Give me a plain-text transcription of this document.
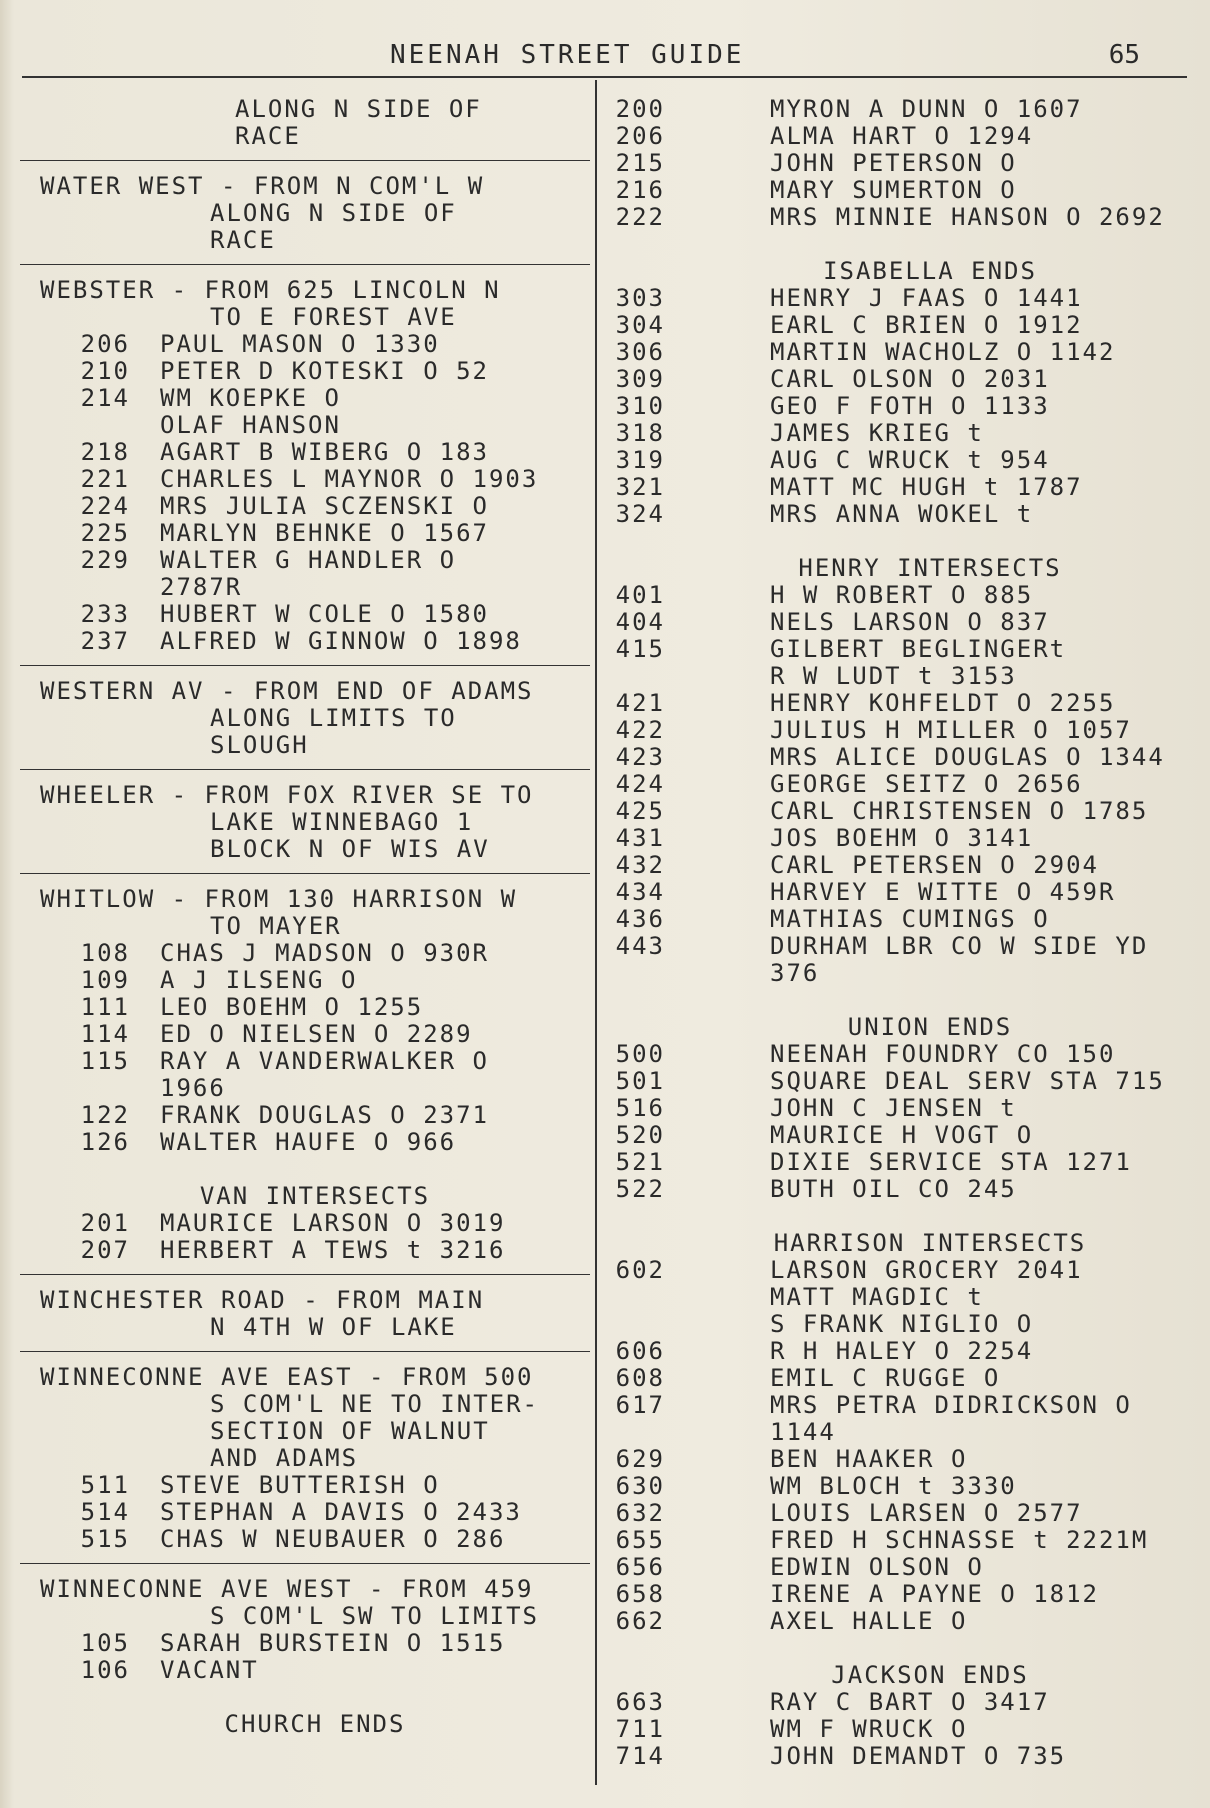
NEENAH STREET GUIDE	65
ALONG N SIDE OF
RACE
WATER WEST
- FROM N COM'L W
ALONG N SIDE OF
RACE
WEBSTER
- FROM 625 LINCOLN N
TO E FOREST AVE
206	PAUL MASON O 1330
210	PETER D KOTESKI O 52
214	WM KOEPKE O
OLAF HANSON
218	AGART B WIBERG O 183
221	CHARLES L MAYNOR O 1903
224	MRS JULIA SCZENSKI O
225	MARLYN BEHNKE O 1567
229	WALTER G HANDLER O
2787R
233	HUBERT W COLE O 1580
237	ALFRED W GINNOW O 1898
WESTERN AV
- FROM END OF ADAMS
ALONG LIMITS TO
SLOUGH
WHEELER
- FROM FOX RIVER SE TO
LAKE WINNEBAGO 1
BLOCK N OF WIS AV
WHITLOW
- FROM 130 HARRISON W
TO MAYER
108	CHAS J MADSON O 930R
109	A J ILSENG O
111	LEO BOEHM O 1255
114	ED O NIELSEN O 2289
115	RAY A VANDERWALKER O
1966
122	FRANK DOUGLAS O 2371
126	WALTER HAUFE O 966
VAN INTERSECTS
201	MAURICE LARSON O 3019
207	HERBERT A TEWS t 3216
WINCHESTER ROAD
- FROM MAIN
N 4TH W OF LAKE
WINNECONNE AVE EAST
- FROM 500
S COM'L NE TO INTER-
SECTION OF WALNUT
AND ADAMS
511	STEVE BUTTERISH O
514	STEPHAN A DAVIS O 2433
515	CHAS W NEUBAUER O 286
WINNECONNE AVE WEST
- FROM 459
S COM'L SW TO LIMITS
105	SARAH BURSTEIN O 1515
106	VACANT
CHURCH ENDS
200	MYRON A DUNN O 1607
206	ALMA HART O 1294
215	JOHN PETERSON O
216	MARY SUMERTON O
222	MRS MINNIE HANSON O 2692
ISABELLA ENDS
303	HENRY J FAAS O 1441
304	EARL C BRIEN O 1912
306	MARTIN WACHOLZ O 1142
309	CARL OLSON O 2031
310	GEO F FOTH O 1133
318	JAMES KRIEG t
319	AUG C WRUCK t 954
321	MATT MC HUGH t 1787
324	MRS ANNA WOKEL t
HENRY INTERSECTS
401	H W ROBERT O 885
404	NELS LARSON O 837
415	GILBERT BEGLINGERt
R W LUDT t 3153
421	HENRY KOHFELDT O 2255
422	JULIUS H MILLER O 1057
423	MRS ALICE DOUGLAS O 1344
424	GEORGE SEITZ O 2656
425	CARL CHRISTENSEN O 1785
431	JOS BOEHM O 3141
432	CARL PETERSEN O 2904
434	HARVEY E WITTE O 459R
436	MATHIAS CUMINGS O
443	DURHAM LBR CO W SIDE YD
376
UNION ENDS
500	NEENAH FOUNDRY CO 150
501	SQUARE DEAL SERV STA 715
516	JOHN C JENSEN t
520	MAURICE H VOGT O
521	DIXIE SERVICE STA 1271
522	BUTH OIL CO 245
HARRISON INTERSECTS
602	LARSON GROCERY 2041
MATT MAGDIC t
S FRANK NIGLIO O
606	R H HALEY O 2254
608	EMIL C RUGGE O
617	MRS PETRA DIDRICKSON O
1144
629	BEN HAAKER O
630	WM BLOCH t 3330
632	LOUIS LARSEN O 2577
655	FRED H SCHNASSE t 2221M
656	EDWIN OLSON O
658	IRENE A PAYNE O 1812
662	AXEL HALLE O
JACKSON ENDS
663	RAY C BART O 3417
711	WM F WRUCK O
714	JOHN DEMANDT O 735
